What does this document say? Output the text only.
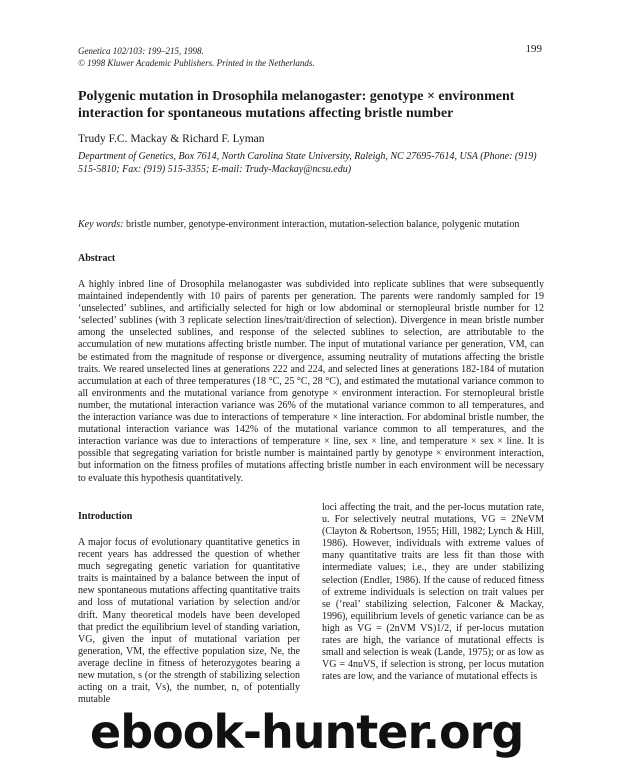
Genetica 102/103: 199–215, 1998.
© 1998 Kluwer Academic Publishers. Printed in the Netherlands.
199
Polygenic mutation in Drosophila melanogaster: genotype × environment interaction for spontaneous mutations affecting bristle number
Trudy F.C. Mackay & Richard F. Lyman
Department of Genetics, Box 7614, North Carolina State University, Raleigh, NC 27695-7614, USA (Phone: (919) 515-5810; Fax: (919) 515-3355; E-mail: Trudy-Mackay@ncsu.edu)
Key words: bristle number, genotype-environment interaction, mutation-selection balance, polygenic mutation
Abstract

A highly inbred line of Drosophila melanogaster was subdivided into replicate sublines that were subsequently maintained independently with 10 pairs of parents per generation. The parents were randomly sampled for 19 ‘unselected’ sublines, and artificially selected for high or low abdominal or sternopleural bristle number for 12 ‘selected’ sublines (with 3 replicate selection lines/trait/direction of selection). Divergence in mean bristle number among the unselected sublines, and response of the selected sublines to selection, are attributable to the accumulation of new mutations affecting bristle number. The input of mutational variance per generation, VM, can be estimated from the magnitude of response or divergence, assuming neutrality of mutations affecting the bristle traits. We reared unselected lines at generations 222 and 224, and selected lines at generations 182-184 of mutation accumulation at each of three temperatures (18 °C, 25 °C, 28 °C), and estimated the mutational variance common to all environments and the mutational variance from genotype × environment interaction. For sternopleural bristle number, the mutational interaction variance was 26% of the mutational variance common to all temperatures, and the interaction variance was due to interactions of temperature × line interaction. For abdominal bristle number, the mutational interaction variance was 142% of the mutational variance common to all temperatures, and the interaction variance was due to interactions of temperature × line, sex × line, and temperature × sex × line. It is possible that segregating variation for bristle number is maintained partly by genotype × environment interaction, but information on the fitness profiles of mutations affecting bristle number in each environment will be necessary to evaluate this hypothesis quantitatively.

Introduction

A major focus of evolutionary quantitative genetics in recent years has addressed the question of whether much segregating genetic variation for quantitative traits is maintained by a balance between the input of new spontaneous mutations affecting quantitative traits and loss of mutational variation by selection and/or drift. Many theoretical models have been developed that predict the equilibrium level of standing variation, VG, given the input of mutational variation per generation, VM, the effective population size, Ne, the average decline in fitness of heterozygotes bearing a new mutation, s (or the strength of stabilizing selection acting on a trait, Vs), the number, n, of potentially mutable

loci affecting the trait, and the per-locus mutation rate, u. For selectively neutral mutations, VG = 2NeVM (Clayton & Robertson, 1955; Hill, 1982; Lynch & Hill, 1986). However, individuals with extreme values of many quantitative traits are less fit than those with intermediate values; i.e., they are under stabilizing selection (Endler, 1986). If the cause of reduced fitness of extreme individuals is selection on trait values per se (‘real’ stabilizing selection, Falconer & Mackay, 1996), equilibrium levels of genetic variance can be as high as VG = (2nVM VS)1/2, if per-locus mutation rates are high, the variance of mutational effects is small and selection is weak (Lande, 1975); or as low as VG = 4nuVS, if selection is strong, per locus mutation rates are low, and the variance of mutational effects is

ebook-hunter.org
